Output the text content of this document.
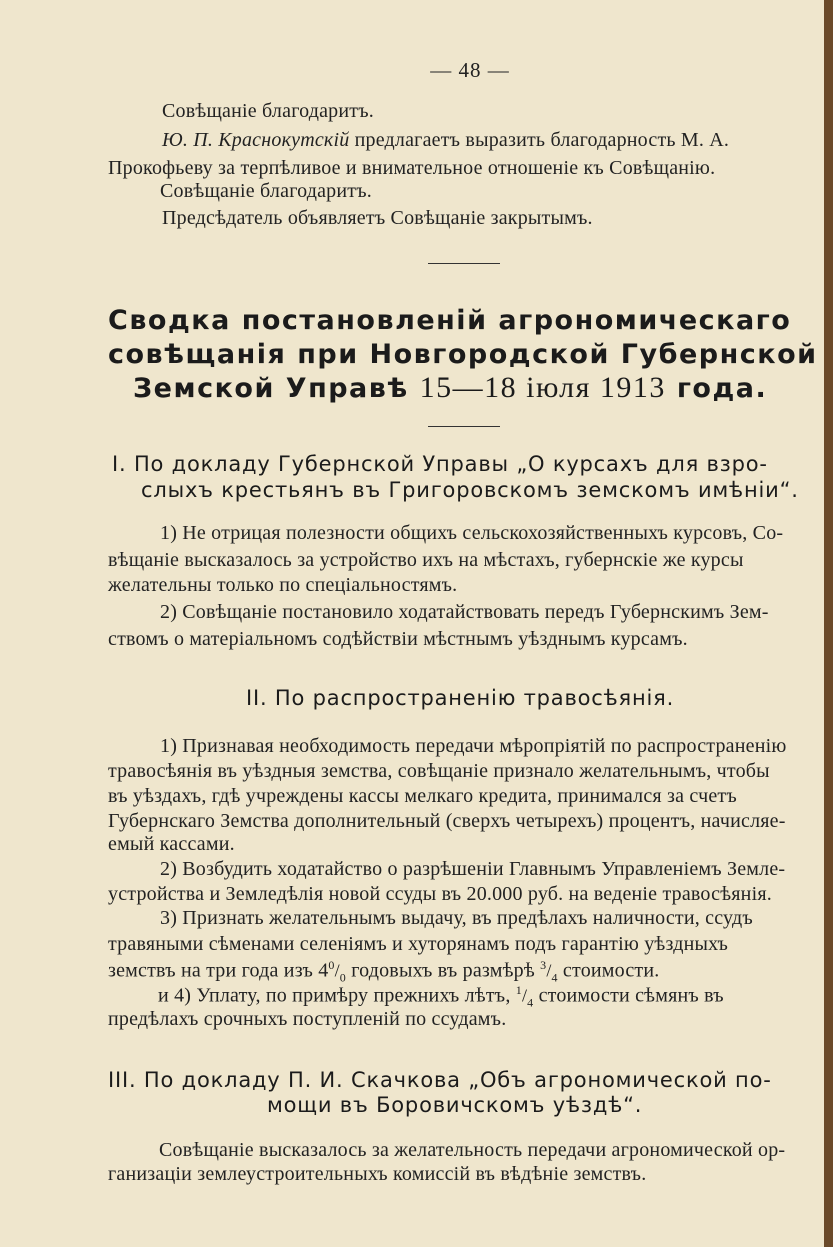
— 48 —
Совѣщаніе благодаритъ.
Ю. П. Краснокутскій предлагаетъ выразить благодарность М. А.
Прокофьеву за терпѣливое и внимательное отношеніе къ Совѣщанію.
Совѣщаніе благодаритъ.
Предсѣдатель объявляетъ Совѣщаніе закрытымъ.
Сводка постановленій агрономическаго
совѣщанія при Новгородской Губернской
Земской Управѣ 15—18 іюля 1913 года.
I. По докладу Губернской Управы „О курсахъ для взро-
слыхъ крестьянъ въ Григоровскомъ земскомъ имѣніи“.
1) Не отрицая полезности общихъ сельскохозяйственныхъ курсовъ, Со-
вѣщаніе высказалось за устройство ихъ на мѣстахъ, губернскіе же курсы
желательны только по спеціальностямъ.
2) Совѣщаніе постановило ходатайствовать передъ Губернскимъ Зем-
ствомъ о матеріальномъ содѣйствіи мѣстнымъ уѣзднымъ курсамъ.
II. По распространенію травосѣянія.
1) Признавая необходимость передачи мѣропріятій по распространенію
травосѣянія въ уѣздныя земства, совѣщаніе признало желательнымъ, чтобы
въ уѣздахъ, гдѣ учреждены кассы мелкаго кредита, принимался за счетъ
Губернскаго Земства дополнительный (сверхъ четырехъ) процентъ, начисляе-
емый кассами.
2) Возбудить ходатайство о разрѣшеніи Главнымъ Управленіемъ Земле-
устройства и Земледѣлія новой ссуды въ 20.000 руб. на веденіе травосѣянія.
3) Признать желательнымъ выдачу, въ предѣлахъ наличности, ссудъ
травяными сѣменами селеніямъ и хуторянамъ подъ гарантію уѣздныхъ
земствъ на три года изъ $4^0/_0$ годовыхъ въ размѣрѣ $^3/_4$ стоимости.
и 4) Уплату, по примѣру прежнихъ лѣтъ, $^1/_4$ стоимости сѣмянъ въ
предѣлахъ срочныхъ поступленій по ссудамъ.
III. По докладу П. И. Скачкова „Объ агрономической по-
мощи въ Боровичскомъ уѣздѣ“.
Совѣщаніе высказалось за желательность передачи агрономической ор-
ганизаціи землеустроительныхъ комиссій въ вѣдѣніе земствъ.
